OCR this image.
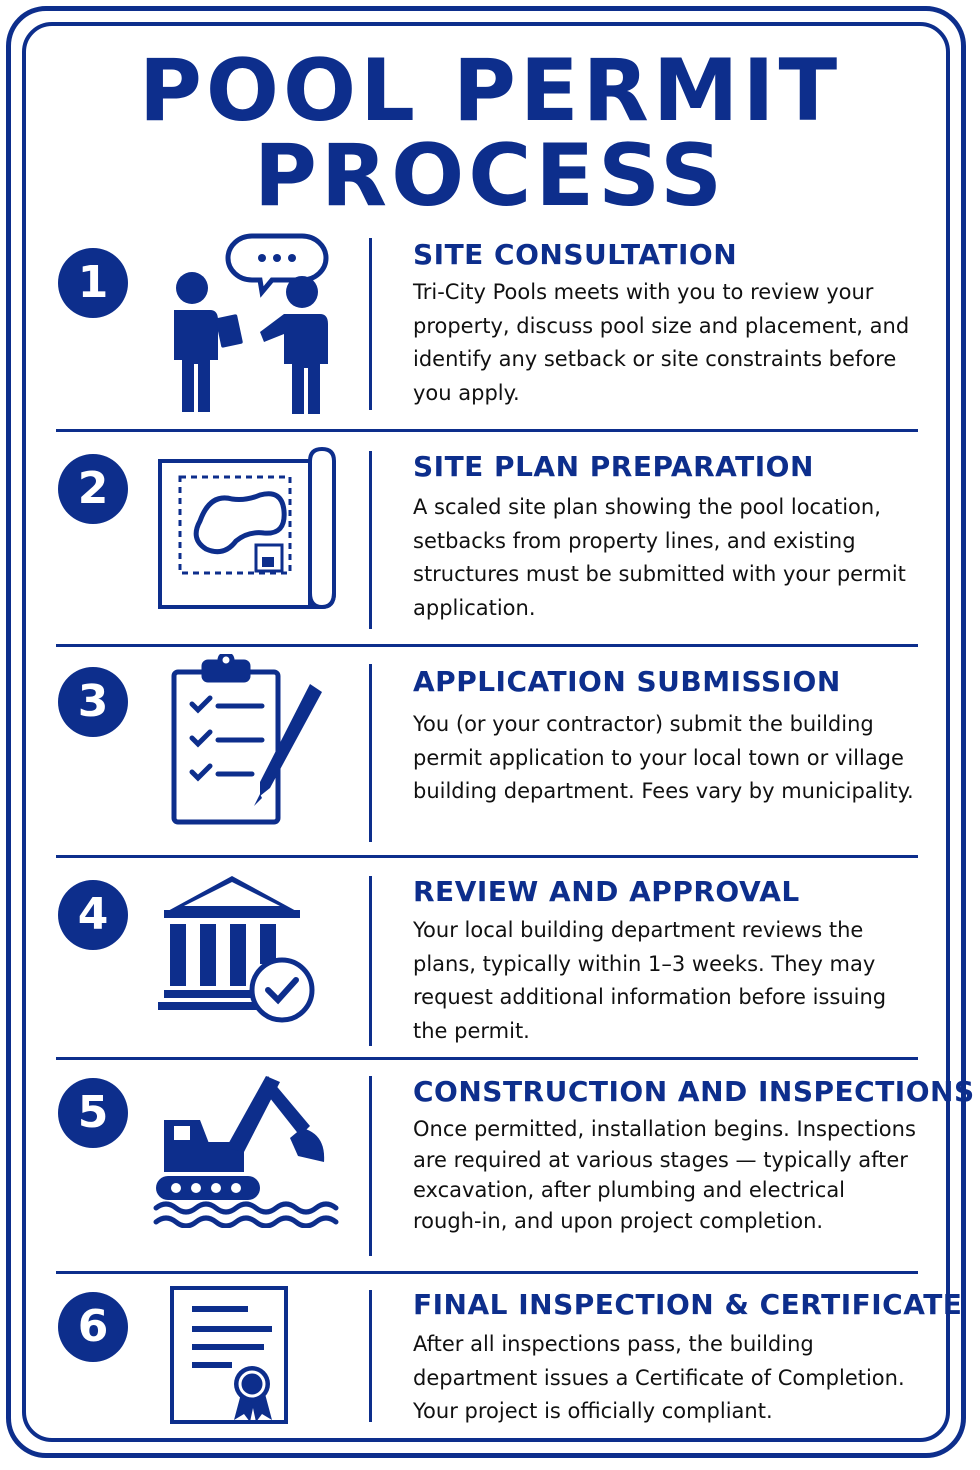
POOL PERMIT
PROCESS
1
SITE CONSULTATION

Tri-City Pools meets with you to review your property, discuss pool size and placement, and identify any setback or site constraints before you apply.

2	SITE PLAN PREPARATION

A scaled site plan showing the pool location, setbacks from property lines, and existing structures must be submitted with your permit application.

3	APPLICATION SUBMISSION

You (or your contractor) submit the building permit application to your local town or village building department. Fees vary by municipality.

4	REVIEW AND APPROVAL

Your local building department reviews the plans, typically within 1–3 weeks. They may request additional information before issuing the permit.

5	CONSTRUCTION AND INSPECTIONS

Once permitted, installation begins. Inspections are required at various stages — typically after excavation, after plumbing and electrical rough-in, and upon project completion.

6	FINAL INSPECTION & CERTIFICATE

After all inspections pass, the building department issues a Certificate of Completion. Your project is officially compliant.
